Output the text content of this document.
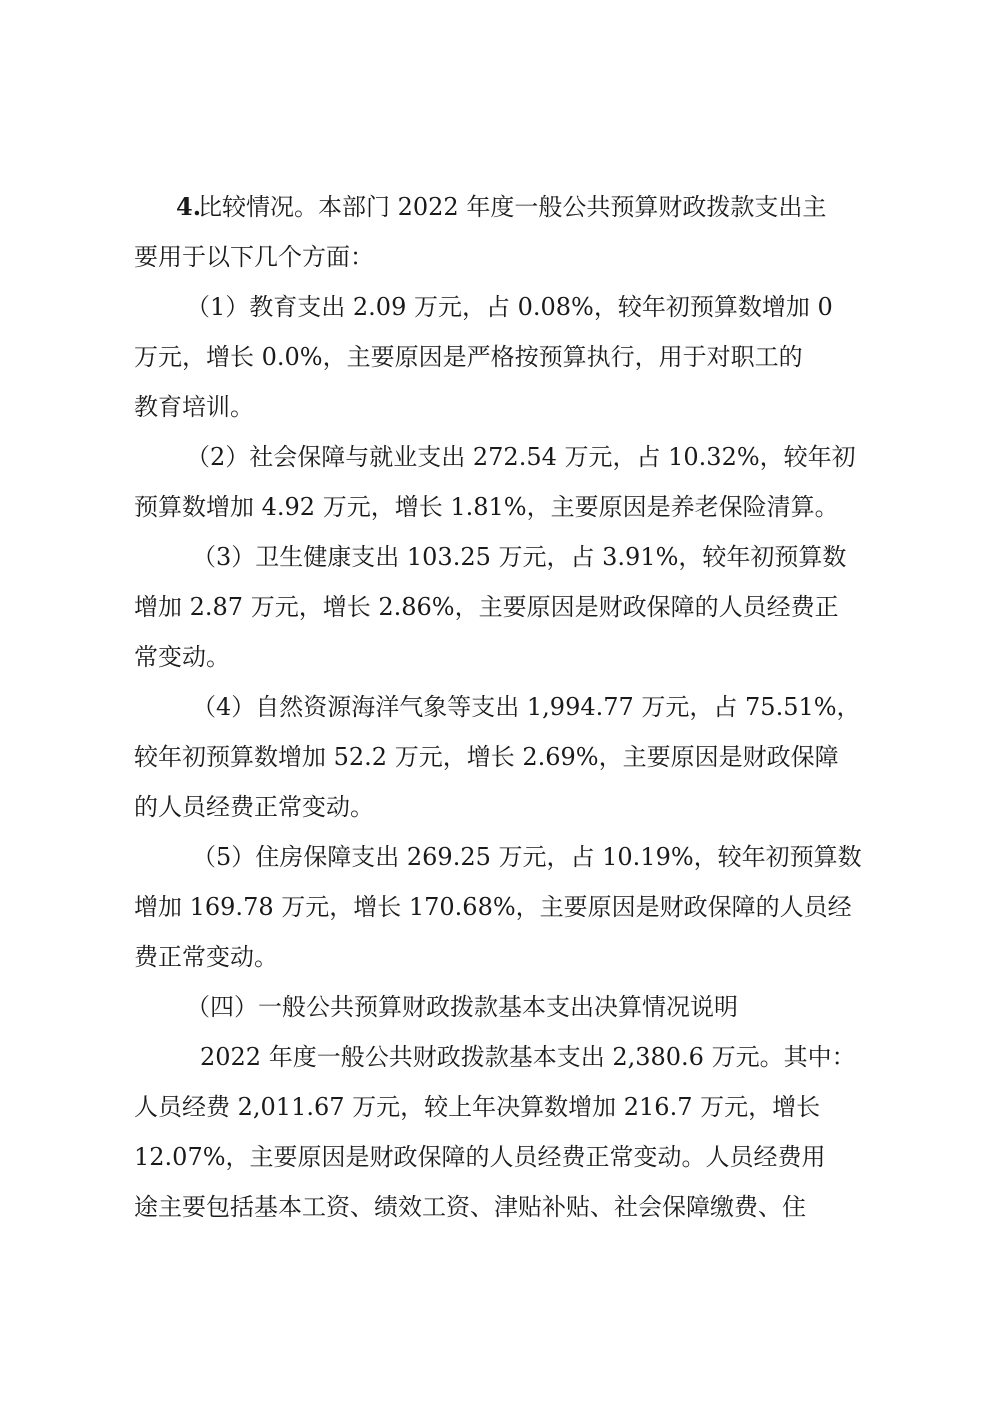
4.
比较情况。本部门 2022 年度一般公共预算财政拨款支出主
要用于以下几个方面：
（1）教育支出 2.09 万元，占 0.08%，较年初预算数增加 0
万元，增长 0.0%，主要原因是严格按预算执行，用于对职工的
教育培训。
（2）社会保障与就业支出 272.54 万元，占 10.32%，较年初
预算数增加 4.92 万元，增长 1.81%，主要原因是养老保险清算。
（3）卫生健康支出 103.25 万元，占 3.91%，较年初预算数
增加 2.87 万元，增长 2.86%，主要原因是财政保障的人员经费正
常变动。
（4）自然资源海洋气象等支出 1,994.77 万元，占 75.51%，
较年初预算数增加 52.2 万元，增长 2.69%，主要原因是财政保障
的人员经费正常变动。
（5）住房保障支出 269.25 万元，占 10.19%，较年初预算数
增加 169.78 万元，增长 170.68%，主要原因是财政保障的人员经
费正常变动。
（四）一般公共预算财政拨款基本支出决算情况说明
2022 年度一般公共财政拨款基本支出 2,380.6 万元。其中：
人员经费 2,011.67 万元，较上年决算数增加 216.7 万元，增长
12.07%，主要原因是财政保障的人员经费正常变动。人员经费用
途主要包括基本工资、绩效工资、津贴补贴、社会保障缴费、住
